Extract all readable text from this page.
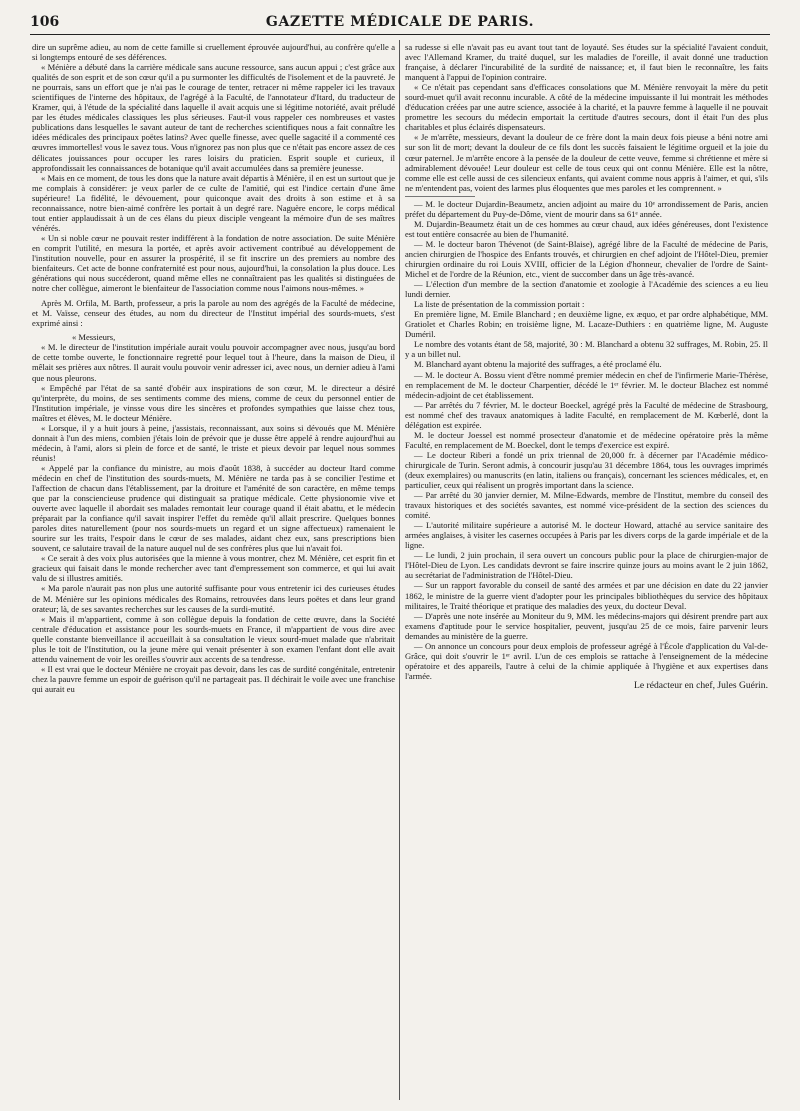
106	GAZETTE MÉDICALE DE PARIS.

dire un suprême adieu, au nom de cette famille si cruellement éprouvée aujourd'hui, au confrère qu'elle a si longtemps entouré de ses déférences.

« Ménière a débuté dans la carrière médicale sans aucune ressource, sans aucun appui ; c'est grâce aux qualités de son esprit et de son cœur qu'il a pu surmonter les difficultés de l'isolement et de la pauvreté. Je ne pourrais, sans un effort que je n'ai pas le courage de tenter, retracer ni même rappeler ici les travaux scientifiques de l'interne des hôpitaux, de l'agrégé à la Faculté, de l'annotateur d'Itard, du traducteur de Kramer, qui, à l'étude de la spécialité dans laquelle il avait acquis une si légitime notoriété, avait préludé par les études médicales classiques les plus sérieuses. Faut-il vous rappeler ces nombreuses et vastes publications dans lesquelles le savant auteur de tant de recherches scientifiques nous a fait connaître les idées médicales des principaux poëtes latins? Avec quelle finesse, avec quelle sagacité il a commenté ces œuvres immortelles! vous le savez tous. Vous n'ignorez pas non plus que ce n'était pas encore assez de ces délicates jouissances pour occuper les rares loisirs du praticien. Esprit souple et curieux, il approfondissait les connaissances de botanique qu'il avait accumulées dans sa première jeunesse.

« Mais en ce moment, de tous les dons que la nature avait départis à Ménière, il en est un surtout que je me complais à considérer: je veux parler de ce culte de l'amitié, qui est l'indice certain d'une âme supérieure! La fidélité, le dévouement, pour quiconque avait des droits à son estime et à sa reconnaissance, notre bien-aimé confrère les portait à un degré rare. Naguère encore, le corps médical tout entier applaudissait à un de ces élans du pieux disciple vengeant la mémoire d'un de ses maîtres vénérés.

« Un si noble cœur ne pouvait rester indifférent à la fondation de notre association. De suite Ménière en comprit l'utilité, en mesura la portée, et après avoir activement contribué au développement de l'institution nouvelle, pour en assurer la prospérité, il se fit inscrire un des premiers au nombre des bienfaiteurs. Cet acte de bonne confraternité est pour nous, aujourd'hui, la consolation la plus douce. Les générations qui nous succéderont, quand même elles ne connaîtraient pas les qualités si distinguées de notre cher collègue, aimeront le bienfaiteur de l'association comme nous l'aimons nous-mêmes. »

Après M. Orfila, M. Barth, professeur, a pris la parole au nom des agrégés de la Faculté de médecine, et M. Vaïsse, censeur des études, au nom du directeur de l'Institut impérial des sourds-muets, s'est exprimé ainsi :

« Messieurs,

« M. le directeur de l'institution impériale aurait voulu pouvoir accompagner avec nous, jusqu'au bord de cette tombe ouverte, le fonctionnaire regretté pour lequel tout à l'heure, dans la maison de Dieu, il mêlait ses prières aux nôtres. Il aurait voulu pouvoir venir adresser ici, avec nous, un dernier adieu à l'ami que nous pleurons.

« Empêché par l'état de sa santé d'obéir aux inspirations de son cœur, M. le directeur a désiré qu'interprète, du moins, de ses sentiments comme des miens, comme de ceux du personnel entier de l'Institution impériale, je vinsse vous dire les sincères et profondes sympathies que laisse chez tous, maîtres et élèves, M. le docteur Ménière.

« Lorsque, il y a huit jours à peine, j'assistais, reconnaissant, aux soins si dévoués que M. Ménière donnait à l'un des miens, combien j'étais loin de prévoir que je dusse être appelé à rendre aujourd'hui au médecin, à l'ami, alors si plein de force et de santé, le triste et pieux devoir par lequel nous sommes réunis!

« Appelé par la confiance du ministre, au mois d'août 1838, à succéder au docteur Itard comme médecin en chef de l'institution des sourds-muets, M. Ménière ne tarda pas à se concilier l'estime et l'affection de chacun dans l'établissement, par la droiture et l'aménité de son caractère, en même temps que par la consciencieuse prudence qui distinguait sa pratique médicale. Cette physionomie vive et ouverte avec laquelle il abordait ses malades remontait leur courage quand il était abattu, et le médecin préparait par la confiance qu'il savait inspirer l'effet du remède qu'il allait prescrire. Quelques bonnes paroles dites naturellement (pour nos sourds-muets un regard et un signe affectueux) ramenaient le sourire sur les traits, l'espoir dans le cœur de ses malades, aidant chez eux, sans prescriptions bien souvent, ce salutaire travail de la nature auquel nul de ses confrères plus que lui n'avait foi.

« Ce serait à des voix plus autorisées que la mienne à vous montrer, chez M. Ménière, cet esprit fin et gracieux qui faisait dans le monde rechercher avec tant d'empressement son commerce, et qui lui avait valu de si illustres amitiés.

« Ma parole n'aurait pas non plus une autorité suffisante pour vous entretenir ici des curieuses études de M. Ménière sur les opinions médicales des Romains, retrouvées dans leurs poëtes et dans leur grand orateur; là, de ses savantes recherches sur les causes de la surdi-mutité.

« Mais il m'appartient, comme à son collègue depuis la fondation de cette œuvre, dans la Société centrale d'éducation et assistance pour les sourds-muets en France, il m'appartient de vous dire avec quelle constante bienveillance il accueillait à sa consultation le vieux sourd-muet malade que n'abritait plus le toit de l'Institution, ou la jeune mère qui venait présenter à son examen l'enfant dont elle avait attendu vainement de voir les oreilles s'ouvrir aux accents de sa tendresse.

« Il est vrai que le docteur Ménière ne croyait pas devoir, dans les cas de surdité congénitale, entretenir chez la pauvre femme un espoir de guérison qu'il ne partageait pas. Il déchirait le voile avec une franchise qui aurait eu

sa rudesse si elle n'avait pas eu avant tout tant de loyauté. Ses études sur la spécialité l'avaient conduit, avec l'Allemand Kramer, du traité duquel, sur les maladies de l'oreille, il avait donné une traduction française, à déclarer l'incurabilité de la surdité de naissance; et, il faut bien le reconnaître, les faits manquent à l'appui de l'opinion contraire.

« Ce n'était pas cependant sans d'efficaces consolations que M. Ménière renvoyait la mère du petit sourd-muet qu'il avait reconnu incurable. A côté de la médecine impuissante il lui montrait les méthodes d'éducation créées par une autre science, associée à la charité, et la pauvre femme à laquelle il ne pouvait promettre les secours du médecin emportait la certitude d'autres secours, dont il était l'un des plus charitables et plus éclairés dispensateurs.

« Je m'arrête, messieurs, devant la douleur de ce frère dont la main deux fois pieuse a béni notre ami sur son lit de mort; devant la douleur de ce fils dont les succès faisaient le légitime orgueil et la joie du cœur paternel. Je m'arrête encore à la pensée de la douleur de cette veuve, femme si chrétienne et mère si admirablement dévouée! Leur douleur est celle de tous ceux qui ont connu Ménière. Elle est la nôtre, comme elle est celle aussi de ces silencieux enfants, qui avaient comme nous appris à l'aimer, et qui, s'ils ne m'entendent pas, voient des larmes plus éloquentes que mes paroles et les comprennent. »

— M. le docteur Dujardin-Beaumetz, ancien adjoint au maire du 10ᵉ arrondissement de Paris, ancien préfet du département du Puy-de-Dôme, vient de mourir dans sa 61ᵉ année.

M. Dujardin-Beaumetz était un de ces hommes au cœur chaud, aux idées généreuses, dont l'existence est tout entière consacrée au bien de l'humanité.

— M. le docteur baron Thévenot (de Saint-Blaise), agrégé libre de la Faculté de médecine de Paris, ancien chirurgien de l'hospice des Enfants trouvés, et chirurgien en chef adjoint de l'Hôtel-Dieu, premier chirurgien ordinaire du roi Louis XVIII, officier de la Légion d'honneur, chevalier de l'ordre de Saint-Michel et de l'ordre de la Réunion, etc., vient de succomber dans un âge très-avancé.

— L'élection d'un membre de la section d'anatomie et zoologie à l'Académie des sciences a eu lieu lundi dernier.

La liste de présentation de la commission portait :

En première ligne, M. Emile Blanchard ; en deuxième ligne, ex æquo, et par ordre alphabétique, MM. Gratiolet et Charles Robin; en troisième ligne, M. Lacaze-Duthiers : en quatrième ligne, M. Auguste Duméril.

Le nombre des votants étant de 58, majorité, 30 : M. Blanchard a obtenu 32 suffrages, M. Robin, 25. Il y a un billet nul.

M. Blanchard ayant obtenu la majorité des suffrages, a été proclamé élu.

— M. le docteur A. Bossu vient d'être nommé premier médecin en chef de l'infirmerie Marie-Thérèse, en remplacement de M. le docteur Charpentier, décédé le 1ᵉʳ février. M. le docteur Blachez est nommé médecin-adjoint de cet établissement.

— Par arrêtés du 7 février, M. le docteur Boeckel, agrégé près la Faculté de médecine de Strasbourg, est nommé chef des travaux anatomiques à ladite Faculté, en remplacement de M. Kœberlé, dont la délégation est expirée.

M. le docteur Joessel est nommé prosecteur d'anatomie et de médecine opératoire près la même Faculté, en remplacement de M. Boeckel, dont le temps d'exercice est expiré.

— Le docteur Riberi a fondé un prix triennal de 20,000 fr. à décerner par l'Académie médico-chirurgicale de Turin. Seront admis, à concourir jusqu'au 31 décembre 1864, tous les ouvrages imprimés (deux exemplaires) ou manuscrits (en latin, italiens ou français), concernant les sciences médicales, et, en particulier, ceux qui réalisent un progrès important dans la science.

— Par arrêté du 30 janvier dernier, M. Milne-Edwards, membre de l'Institut, membre du conseil des travaux historiques et des sociétés savantes, est nommé vice-président de la section des sciences du comité.

— L'autorité militaire supérieure a autorisé M. le docteur Howard, attaché au service sanitaire des armées anglaises, à visiter les casernes occupées à Paris par les divers corps de la garde impériale et de la ligne.

— Le lundi, 2 juin prochain, il sera ouvert un concours public pour la place de chirurgien-major de l'Hôtel-Dieu de Lyon. Les candidats devront se faire inscrire quinze jours au moins avant le 2 juin 1862, au secrétariat de l'administration de l'Hôtel-Dieu.

— Sur un rapport favorable du conseil de santé des armées et par une décision en date du 22 janvier 1862, le ministre de la guerre vient d'adopter pour les principales bibliothèques du service des hôpitaux militaires, le Traité théorique et pratique des maladies des yeux, du docteur Deval.

— D'après une note insérée au Moniteur du 9, MM. les médecins-majors qui désirent prendre part aux examens d'aptitude pour le service hospitalier, peuvent, jusqu'au 25 de ce mois, faire parvenir leurs demandes au ministère de la guerre.

— On annonce un concours pour deux emplois de professeur agrégé à l'École d'application du Val-de-Grâce, qui doit s'ouvrir le 1ᵉʳ avril. L'un de ces emplois se rattache à l'enseignement de la médecine opératoire et des appareils, l'autre à celui de la chimie appliquée à l'hygiène et aux expertises dans l'armée.

Le rédacteur en chef, Jules Guérin.
